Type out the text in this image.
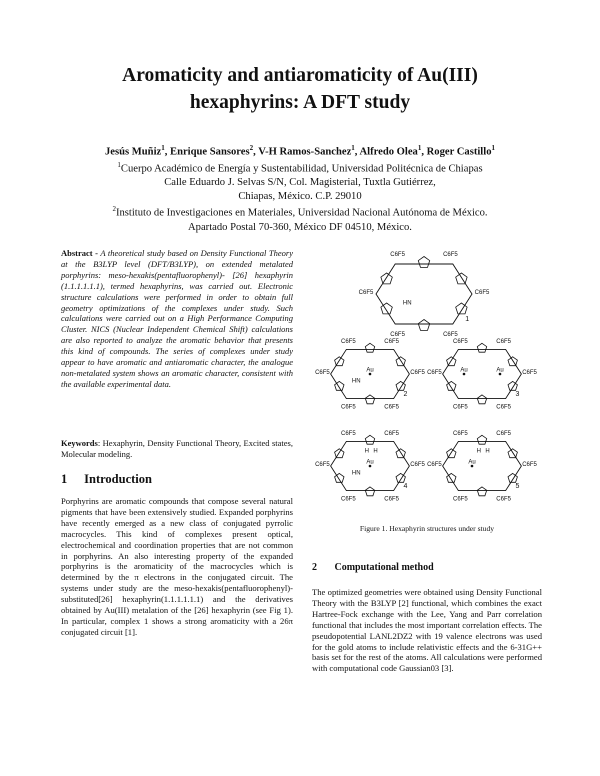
Aromaticity and antiaromaticity of Au(III)
hexaphyrins: A DFT study
Jesús Muñiz$^1$, Enrique Sansores$^2$, V-H Ramos-Sanchez$^1$, Alfredo Olea$^1$, Roger Castillo$^1$
$^1$Cuerpo Académico de Energía y Sustentabilidad, Universidad Politécnica de Chiapas
Calle Eduardo J. Selvas S/N, Col. Magisterial, Tuxtla Gutiérrez,
Chiapas, México. C.P. 29010
$^2$Instituto de Investigaciones en Materiales, Universidad Nacional Autónoma de México.
Apartado Postal 70-360, México DF 04510, México.
Abstract - A theoretical study based on Density Functional Theory at the B3LYP level (DFT/B3LYP), on extended metalated porphyrins: meso-hexakis(pentafluorophenyl)- [26] hexaphyrin (1.1.1.1.1.1), termed hexaphyrins, was carried out. Electronic structure calculations were performed in order to obtain full geometry optimizations of the complexes under study. Such calculations were carried out on a High Performance Computing Cluster. NICS (Nuclear Independent Chemical Shift) calculations are also reported to analyze the aromatic behavior that presents this kind of compounds. The series of complexes under study appear to have aromatic and antiaromatic character, the analogue non-metalated system shows an aromatic character, consistent with the available experimental data.
Keywords: Hexaphyrin, Density Functional Theory, Excited states, Molecular modeling.
1 Introduction
Porphyrins are aromatic compounds that compose several natural pigments that have been extensively studied. Expanded porphyrins have recently emerged as a new class of conjugated pyrrolic macrocycles. This kind of complexes present optical, electrochemical and coordination properties that are not common in porphyrins. An also interesting property of the expanded porphyrins is the aromaticity of the macrocycles which is determined by the π electrons in the conjugated circuit. The systems under study are the meso-hexakis(pentafluorophenyl)-substituted[26] hexaphyrin(1.1.1.1.1.1) and the derivatives obtained by Au(III) metalation of the [26] hexaphyrin (see Fig 1). In particular, complex 1 shows a strong aromaticity with a 26π conjugated circuit [1].
HN
C6F5	C6F5
C6F5	C6F5
C6F5	C6F5
1
Au
HN
C6F5	C6F5
C6F5	C6F5
C6F5	C6F5
2
Au	Au
C6F5	C6F5
C6F5	C6F5
C6F5	C6F5
3
Au
HN
H H
C6F5	C6F5
C6F5	C6F5
C6F5	C6F5
4
Au
H H
C6F5	C6F5
C6F5	C6F5
C6F5	C6F5
5
Figure 1. Hexaphyrin structures under study
2 Computational method
The optimized geometries were obtained using Density Functional Theory with the B3LYP [2] functional, which combines the exact Hartree-Fock exchange with the Lee, Yang and Parr correlation functional that includes the most important correlation effects. The pseudopotential LANL2DZ2 with 19 valence electrons was used for the gold atoms to include relativistic effects and the 6-31G++ basis set for the rest of the atoms. All calculations were performed with computational code Gaussian03 [3].
